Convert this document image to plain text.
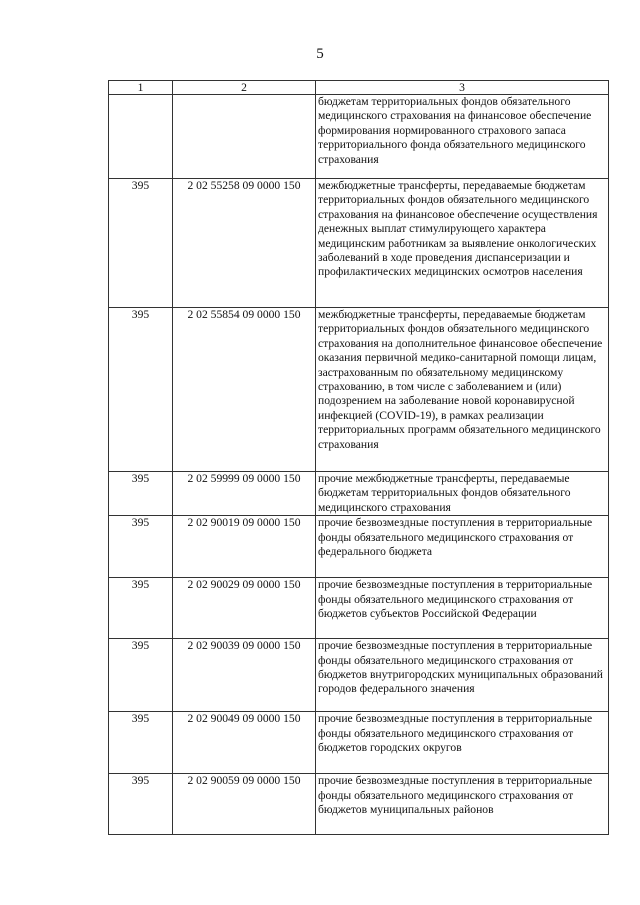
5
1	2	3
		бюджетам территориальных фондов обязательного медицинского страхования на финансовое обеспечение формирования нормированного страхового запаса территориального фонда обязательного медицинского страхования
395	2 02 55258 09 0000 150	межбюджетные трансферты, передаваемые бюджетам территориальных фондов обязательного медицинского страхования на финансовое обеспечение осуществления денежных выплат стимулирующего характера медицинским работникам за выявление онкологических заболеваний в ходе проведения диспансеризации и профилактических медицинских осмотров населения
395	2 02 55854 09 0000 150	межбюджетные трансферты, передаваемые бюджетам территориальных фондов обязательного медицинского страхования на дополнительное финансовое обеспечение оказания первичной медико-санитарной помощи лицам, застрахованным по обязательному медицинскому страхованию, в том числе с заболеванием и (или) подозрением на заболевание новой коронавирусной инфекцией (COVID-19), в рамках реализации территориальных программ обязательного медицинского страхования
395	2 02 59999 09 0000 150	прочие межбюджетные трансферты, передаваемые бюджетам территориальных фондов обязательного медицинского страхования
395	2 02 90019 09 0000 150	прочие безвозмездные поступления в территориальные фонды обязательного медицинского страхования от федерального бюджета
395	2 02 90029 09 0000 150	прочие безвозмездные поступления в территориальные фонды обязательного медицинского страхования от бюджетов субъектов Российской Федерации
395	2 02 90039 09 0000 150	прочие безвозмездные поступления в территориальные фонды обязательного медицинского страхования от бюджетов внутригородских муниципальных образований городов федерального значения
395	2 02 90049 09 0000 150	прочие безвозмездные поступления в территориальные фонды обязательного медицинского страхования от бюджетов городских округов
395	2 02 90059 09 0000 150	прочие безвозмездные поступления в территориальные фонды обязательного медицинского страхования от бюджетов муниципальных районов
